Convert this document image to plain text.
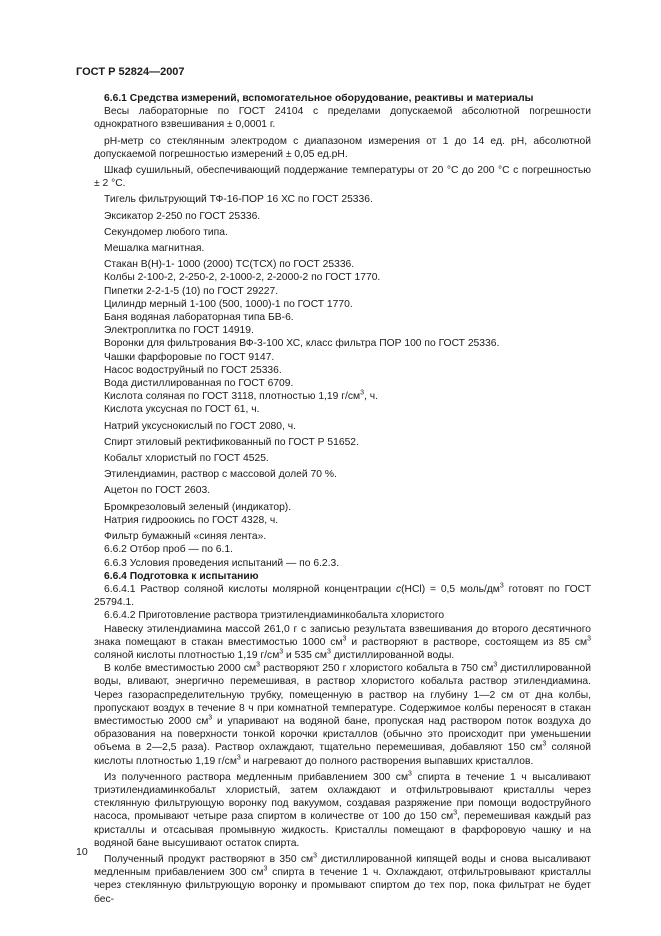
ГОСТ Р 52824—2007

6.6.1 Средства измерений, вспомогательное оборудование, реактивы и материалы

Весы лабораторные по ГОСТ 24104 с пределами допускаемой абсолютной погрешности однократного взвешивания ± 0,0001 г.

pH-метр со стеклянным электродом с диапазоном измерения от 1 до 14 ед. pH, абсолютной допускаемой погрешностью измерений ± 0,05 ед.pH.

Шкаф сушильный, обеспечивающий поддержание температуры от 20 °С до 200 °С с погрешностью ± 2 °С.

Тигель фильтрующий ТФ-16-ПОР 16 ХС по ГОСТ 25336.

Эксикатор 2-250 по ГОСТ 25336.

Секундомер любого типа.

Мешалка магнитная.

Стакан В(Н)-1- 1000 (2000) ТС(ТСХ) по ГОСТ 25336.

Колбы 2-100-2, 2-250-2, 2-1000-2, 2-2000-2 по ГОСТ 1770.

Пипетки 2-2-1-5 (10) по ГОСТ 29227.

Цилиндр мерный 1-100 (500, 1000)-1 по ГОСТ 1770.

Баня водяная лабораторная типа БВ-6.

Электроплитка по ГОСТ 14919.

Воронки для фильтрования ВФ-3-100 ХС, класс фильтра ПОР 100 по ГОСТ 25336.

Чашки фарфоровые по ГОСТ 9147.

Насос водоструйный по ГОСТ 25336.

Вода дистиллированная по ГОСТ 6709.

Кислота соляная по ГОСТ 3118, плотностью 1,19 $г/см^3$, ч.

Кислота уксусная по ГОСТ 61, ч.

Натрий уксуснокислый по ГОСТ 2080, ч.

Спирт этиловый ректификованный по ГОСТ Р 51652.

Кобальт хлористый по ГОСТ 4525.

Этилендиамин, раствор с массовой долей 70 %.

Ацетон по ГОСТ 2603.

Бромкрезоловый зеленый (индикатор).

Натрия гидроокись по ГОСТ 4328, ч.

Фильтр бумажный «синяя лента».

6.6.2 Отбор проб — по 6.1.

6.6.3 Условия проведения испытаний — по 6.2.3.

6.6.4 Подготовка к испытанию

6.6.4.1 Раствор соляной кислоты молярной концентрации c(HCl) = 0,5 моль/$дм^3$ готовят по ГОСТ 25794.1.

6.6.4.2 Приготовление раствора триэтилендиаминкобальта хлористого

Навеску этилендиамина массой 261,0 г с записью результата взвешивания до второго десятичного знака помещают в стакан вместимостью 1000 $см^3$ и растворяют в растворе, состоящем из 85 $см^3$ соляной кислоты плотностью 1,19 $г/см^3$ и 535 $см^3$ дистиллированной воды.

В колбе вместимостью 2000 $см^3$ растворяют 250 г хлористого кобальта в 750 $см^3$ дистиллированной воды, вливают, энергично перемешивая, в раствор хлористого кобальта раствор этилендиамина. Через газораспределительную трубку, помещенную в раствор на глубину 1—2 см от дна колбы, пропускают воздух в течение 8 ч при комнатной температуре. Содержимое колбы переносят в стакан вместимостью 2000 $см^3$ и упаривают на водяной бане, пропуская над раствором поток воздуха до образования на поверхности тонкой корочки кристаллов (обычно это происходит при уменьшении объема в 2—2,5 раза). Раствор охлаждают, тщательно перемешивая, добавляют 150 $см^3$ соляной кислоты плотностью 1,19 $г/см^3$ и нагревают до полного растворения выпавших кристаллов.

Из полученного раствора медленным прибавлением 300 $см^3$ спирта в течение 1 ч высаливают триэтилендиаминкобальт хлористый, затем охлаждают и отфильтровывают кристаллы через стеклянную фильтрующую воронку под вакуумом, создавая разряжение при помощи водоструйного насоса, промывают четыре раза спиртом в количестве от 100 до 150 $см^3$, перемешивая каждый раз кристаллы и отсасывая промывную жидкость. Кристаллы помещают в фарфоровую чашку и на водяной бане высушивают остаток спирта.

Полученный продукт растворяют в 350 $см^3$ дистиллированной кипящей воды и снова высаливают медленным прибавлением 300 $см^3$ спирта в течение 1 ч. Охлаждают, отфильтровывают кристаллы через стеклянную фильтрующую воронку и промывают спиртом до тех пор, пока фильтрат не будет бес-

10
